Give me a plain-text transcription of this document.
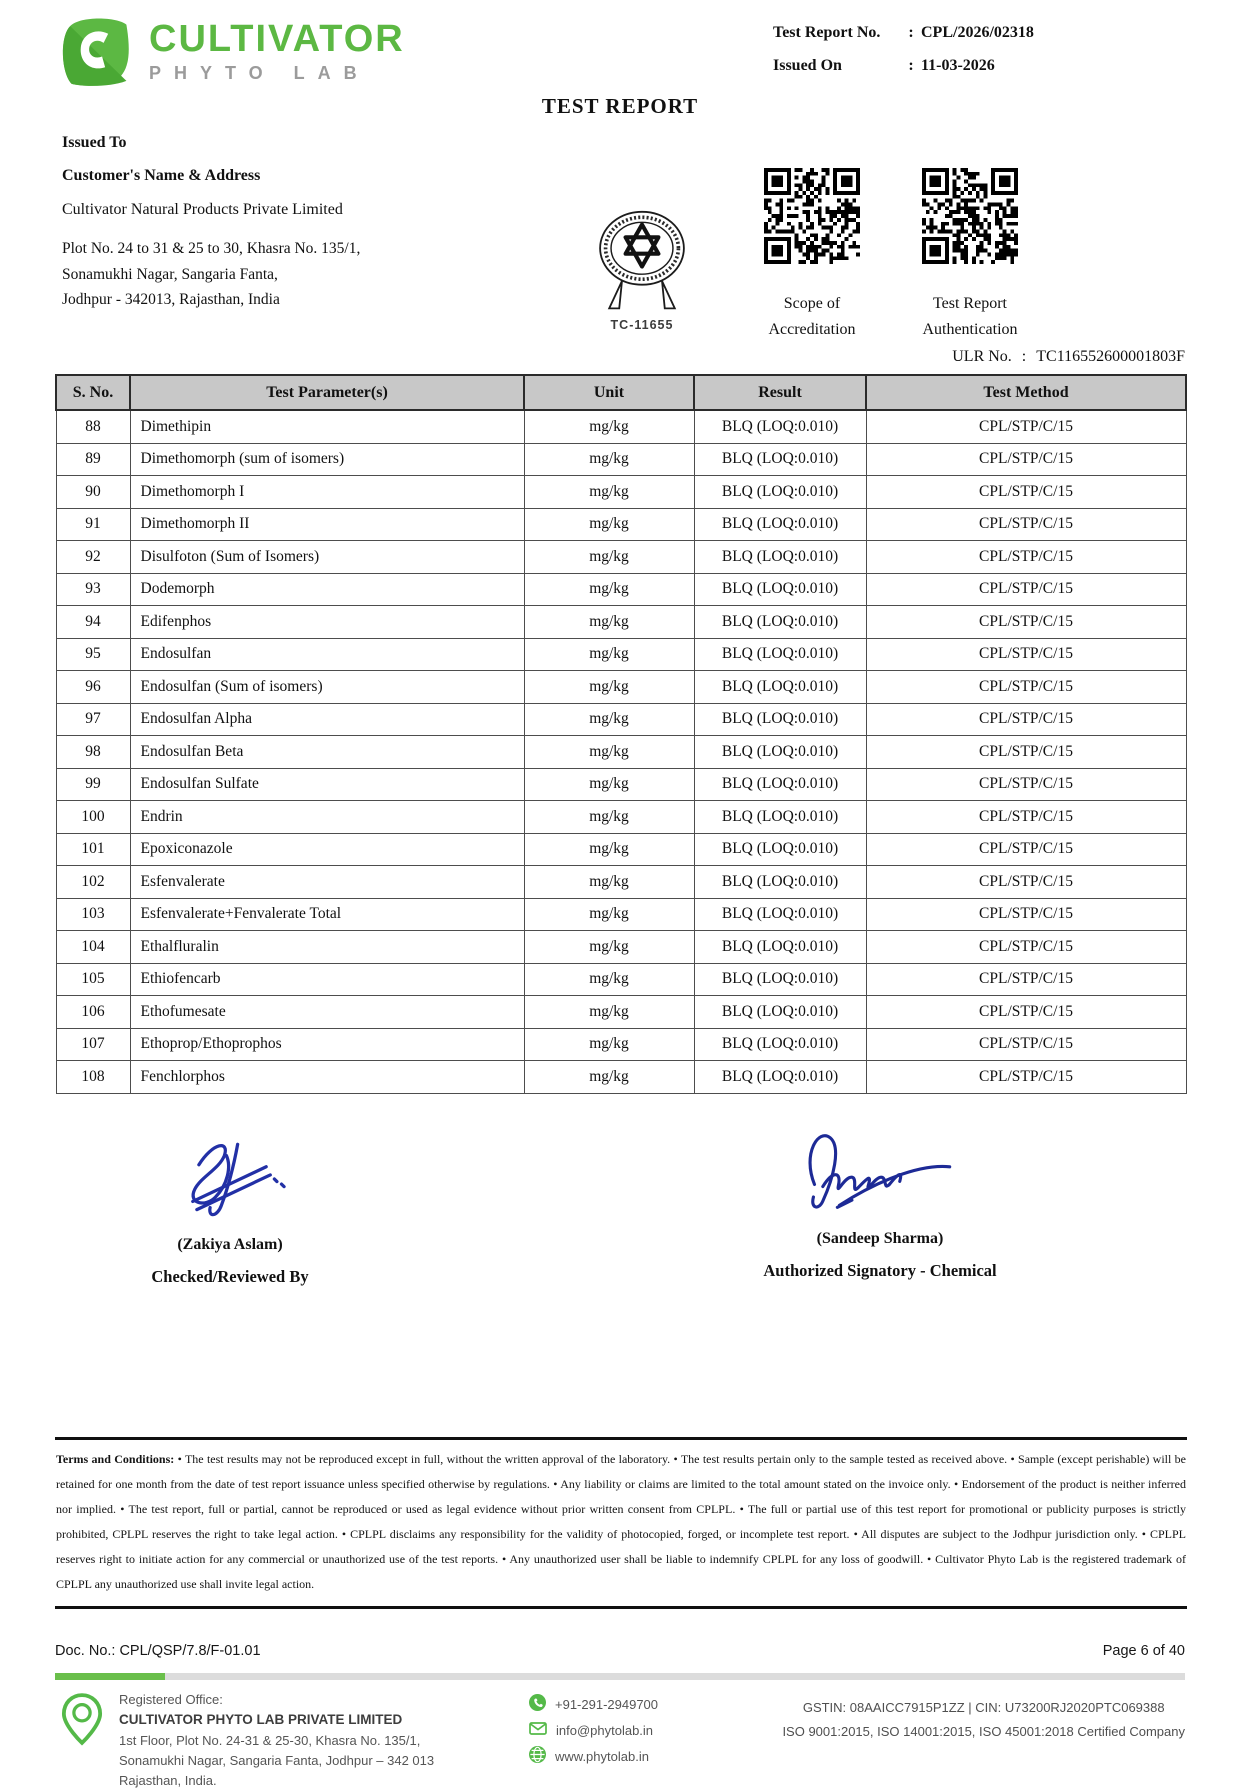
CULTIVATOR
PHYTO LAB
Test Report No.	: CPL/2026/02318
Issued On	: 11-03-2026
TEST REPORT

Issued To

Customer's Name & Address

Cultivator Natural Products Private Limited

Plot No. 24 to 31 & 25 to 30, Khasra No. 135/1,

Sonamukhi Nagar, Sangaria Fanta,

Jodhpur - 342013, Rajasthan, India

TC-11655
Scope of
Accreditation
Test Report
Authentication
ULR No. : TC116552600001803F
S. No.	Test Parameter(s)	Unit	Result	Test Method
88	Dimethipin	mg/kg	BLQ (LOQ:0.010)	CPL/STP/C/15
89	Dimethomorph (sum of isomers)	mg/kg	BLQ (LOQ:0.010)	CPL/STP/C/15
90	Dimethomorph I	mg/kg	BLQ (LOQ:0.010)	CPL/STP/C/15
91	Dimethomorph II	mg/kg	BLQ (LOQ:0.010)	CPL/STP/C/15
92	Disulfoton (Sum of Isomers)	mg/kg	BLQ (LOQ:0.010)	CPL/STP/C/15
93	Dodemorph	mg/kg	BLQ (LOQ:0.010)	CPL/STP/C/15
94	Edifenphos	mg/kg	BLQ (LOQ:0.010)	CPL/STP/C/15
95	Endosulfan	mg/kg	BLQ (LOQ:0.010)	CPL/STP/C/15
96	Endosulfan (Sum of isomers)	mg/kg	BLQ (LOQ:0.010)	CPL/STP/C/15
97	Endosulfan Alpha	mg/kg	BLQ (LOQ:0.010)	CPL/STP/C/15
98	Endosulfan Beta	mg/kg	BLQ (LOQ:0.010)	CPL/STP/C/15
99	Endosulfan Sulfate	mg/kg	BLQ (LOQ:0.010)	CPL/STP/C/15
100	Endrin	mg/kg	BLQ (LOQ:0.010)	CPL/STP/C/15
101	Epoxiconazole	mg/kg	BLQ (LOQ:0.010)	CPL/STP/C/15
102	Esfenvalerate	mg/kg	BLQ (LOQ:0.010)	CPL/STP/C/15
103	Esfenvalerate+Fenvalerate Total	mg/kg	BLQ (LOQ:0.010)	CPL/STP/C/15
104	Ethalfluralin	mg/kg	BLQ (LOQ:0.010)	CPL/STP/C/15
105	Ethiofencarb	mg/kg	BLQ (LOQ:0.010)	CPL/STP/C/15
106	Ethofumesate	mg/kg	BLQ (LOQ:0.010)	CPL/STP/C/15
107	Ethoprop/Ethoprophos	mg/kg	BLQ (LOQ:0.010)	CPL/STP/C/15
108	Fenchlorphos	mg/kg	BLQ (LOQ:0.010)	CPL/STP/C/15
(Zakiya Aslam)
Checked/Reviewed By
(Sandeep Sharma)
Authorized Signatory - Chemical

Terms and Conditions: • The test results may not be reproduced except in full, without the written approval of the laboratory. • The test results pertain only to the sample tested as received above. • Sample (except perishable) will be retained for one month from the date of test report issuance unless specified otherwise by regulations. • Any liability or claims are limited to the total amount stated on the invoice only. • Endorsement of the product is neither inferred nor implied. • The test report, full or partial, cannot be reproduced or used as legal evidence without prior written consent from CPLPL. • The full or partial use of this test report for promotional or publicity purposes is strictly prohibited, CPLPL reserves the right to take legal action. • CPLPL disclaims any responsibility for the validity of photocopied, forged, or incomplete test report. • All disputes are subject to the Jodhpur jurisdiction only. • CPLPL reserves right to initiate action for any commercial or unauthorized use of the test reports. • Any unauthorized user shall be liable to indemnify CPLPL for any loss of goodwill. • Cultivator Phyto Lab is the registered trademark of CPLPL any unauthorized use shall invite legal action.

Doc. No.: CPL/QSP/7.8/F-01.01	Page 6 of 40
Registered Office:
CULTIVATOR PHYTO LAB PRIVATE LIMITED
1st Floor, Plot No. 24-31 & 25-30, Khasra No. 135/1,
Sonamukhi Nagar, Sangaria Fanta, Jodhpur – 342 013
Rajasthan, India.
+91-291-2949700
info@phytolab.in
www.phytolab.in
GSTIN: 08AAICC7915P1ZZ | CIN: U73200RJ2020PTC069388
ISO 9001:2015, ISO 14001:2015, ISO 45001:2018 Certified Company
